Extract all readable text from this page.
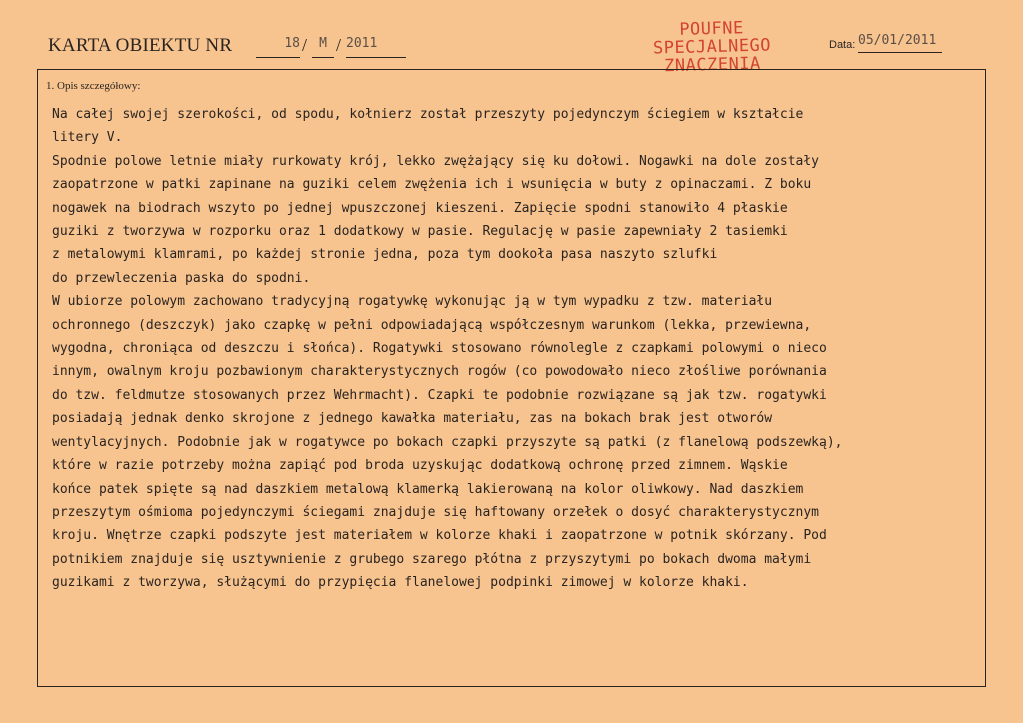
KARTA OBIEKTU NR	18 / M / 2011
POUFNE
SPECJALNEGO
ZNACZENIA
Data: 05/01/2011
1. Opis szczegółowy:

Na całej swojej szerokości, od spodu, kołnierz został przeszyty pojedynczym ściegiem w kształcie
litery V.

Spodnie polowe letnie miały rurkowaty krój, lekko zwężający się ku dołowi. Nogawki na dole zostały
zaopatrzone w patki zapinane na guziki celem zwężenia ich i wsunięcia w buty z opinaczami. Z boku
nogawek na biodrach wszyto po jednej wpuszczonej kieszeni. Zapięcie spodni stanowiło 4 płaskie
guziki z tworzywa w rozporku oraz 1 dodatkowy w pasie. Regulację w pasie zapewniały 2 tasiemki
z metalowymi klamrami, po każdej stronie jedna, poza tym dookoła pasa naszyto szlufki
do przewleczenia paska do spodni.

W ubiorze polowym zachowano tradycyjną rogatywkę wykonując ją w tym wypadku z tzw. materiału
ochronnego (deszczyk) jako czapkę w pełni odpowiadającą współczesnym warunkom (lekka, przewiewna,
wygodna, chroniąca od deszczu i słońca). Rogatywki stosowano równolegle z czapkami polowymi o nieco
innym, owalnym kroju pozbawionym charakterystycznych rogów (co powodowało nieco złośliwe porównania
do tzw. feldmutze stosowanych przez Wehrmacht). Czapki te podobnie rozwiązane są jak tzw. rogatywki
posiadają jednak denko skrojone z jednego kawałka materiału, zas na bokach brak jest otworów
wentylacyjnych. Podobnie jak w rogatywce po bokach czapki przyszyte są patki (z flanelową podszewką),
które w razie potrzeby można zapiąć pod broda uzyskując dodatkową ochronę przed zimnem. Wąskie
końce patek spięte są nad daszkiem metalową klamerką lakierowaną na kolor oliwkowy. Nad daszkiem
przeszytym ośmioma pojedynczymi ściegami znajduje się haftowany orzełek o dosyć charakterystycznym
kroju. Wnętrze czapki podszyte jest materiałem w kolorze khaki i zaopatrzone w potnik skórzany. Pod
potnikiem znajduje się usztywnienie z grubego szarego płótna z przyszytymi po bokach dwoma małymi
guzikami z tworzywa, służącymi do przypięcia flanelowej podpinki zimowej w kolorze khaki.
